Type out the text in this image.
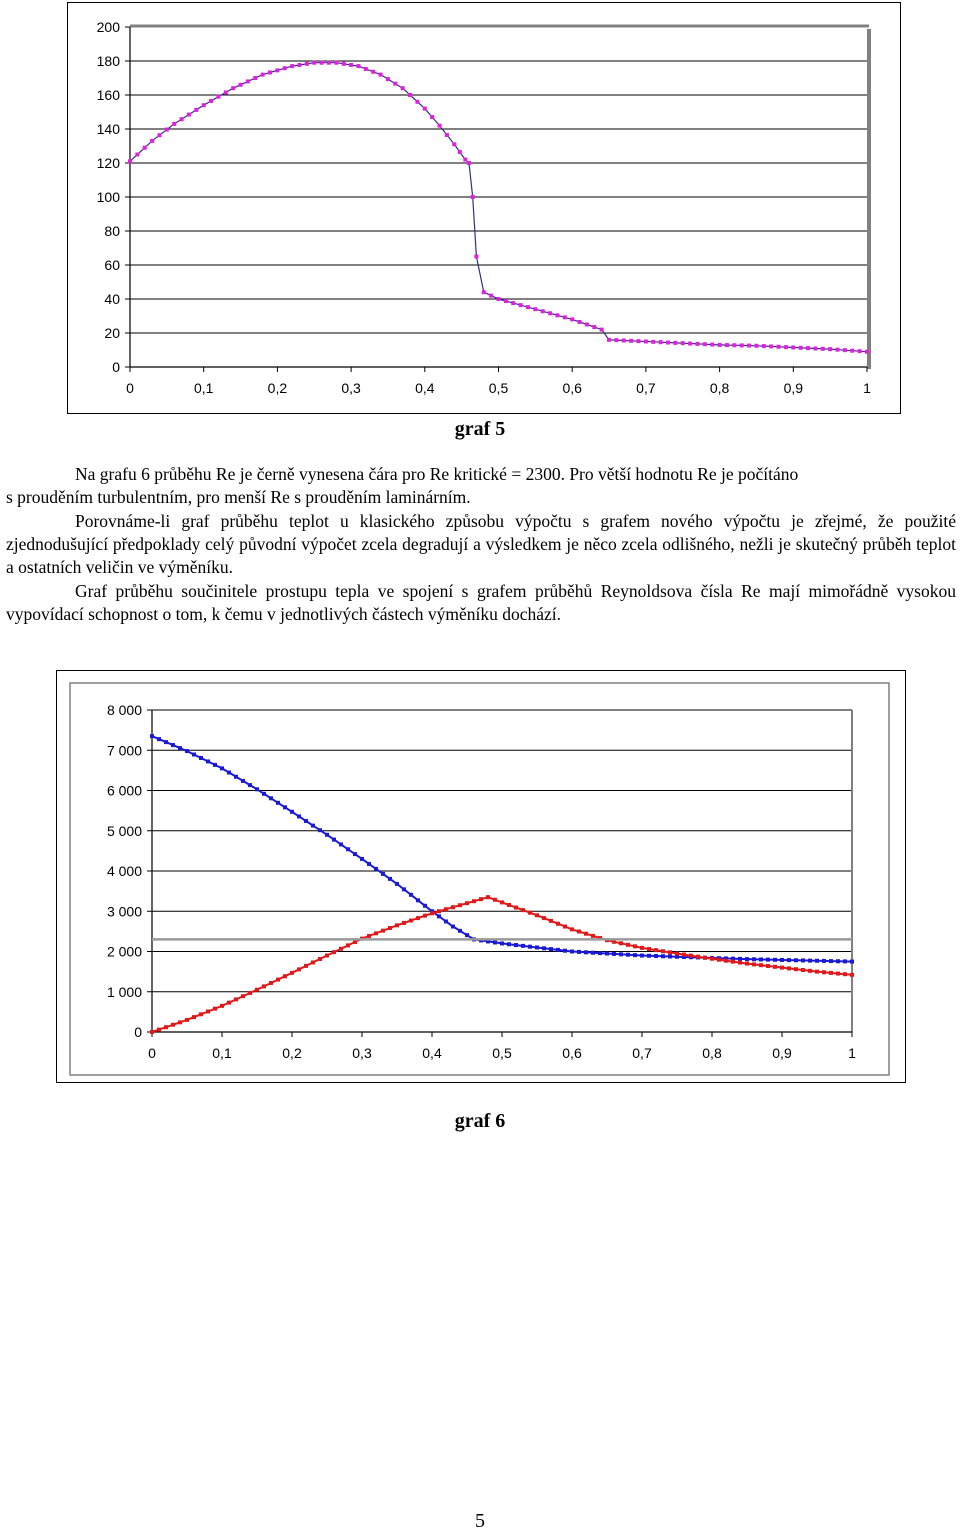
0
20
40
60
80
100
120
140
160
180
200
0	0,1	0,2	0,3	0,4	0,5	0,6	0,7	0,8	0,9	1
graf 5

Na grafu 6 průběhu Re je černě vynesena čára pro Re kritické = 2300. Pro větší hodnotu Re je počítáno

s prouděním turbulentním, pro menší Re s prouděním laminárním.

Porovnáme-li graf průběhu teplot u klasického způsobu výpočtu s grafem nového výpočtu je zřejmé, že použité zjednodušující předpoklady celý původní výpočet zcela degradují a výsledkem je něco zcela odlišného, nežli je skutečný průběh teplot a ostatních veličin ve výměníku.

Graf průběhu součinitele prostupu tepla ve spojení s grafem průběhů Reynoldsova čísla Re mají mimořádně vysokou vypovídací schopnost o tom, k čemu v jednotlivých částech výměníku dochází.

0
1 000
2 000
3 000
4 000
5 000
6 000
7 000
8 000
0	0,1	0,2	0,3	0,4	0,5	0,6	0,7	0,8	0,9	1
graf 6
5
